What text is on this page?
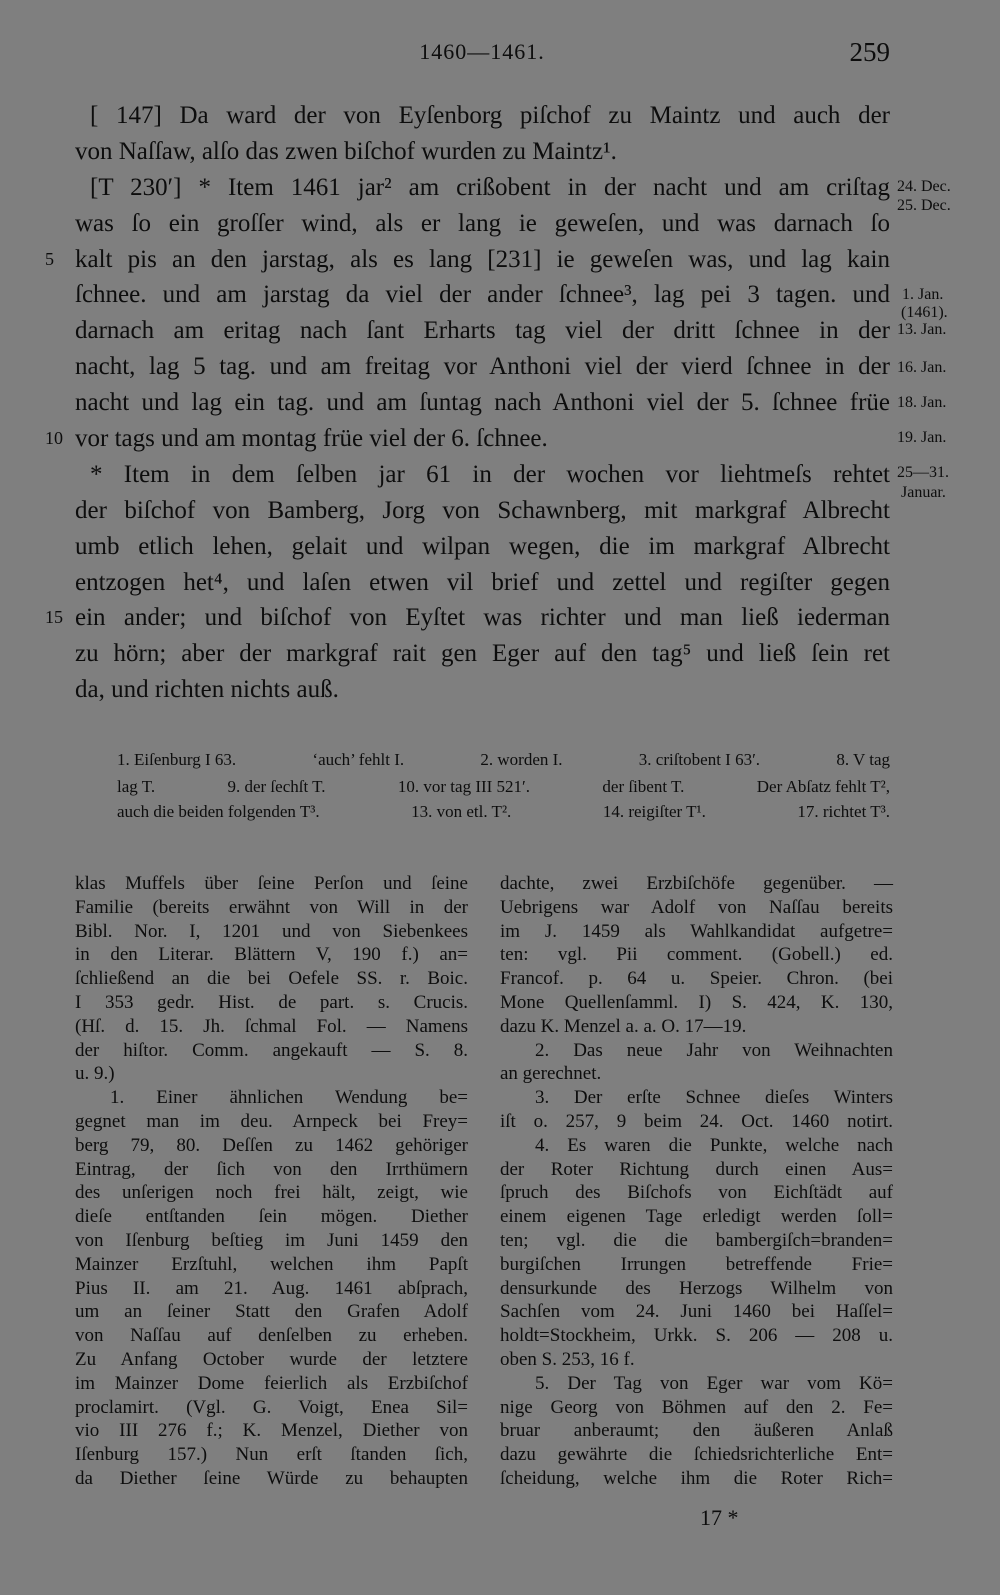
1460—1461.	259
[ 147] Da ward der von Eyſenborg piſchof zu Maintz und auch der
von Naſſaw, alſo das zwen biſchof wurden zu Maintz¹.
[T 230′] * Item 1461 jar² am crißobent in der nacht und am criſtag
was ſo ein groſſer wind, als er lang ie geweſen, und was darnach ſo
5 kalt pis an den jarstag, als es lang [231] ie geweſen was, und lag kain
ſchnee. und am jarstag da viel der ander ſchnee³, lag pei 3 tagen. und
darnach am eritag nach ſant Erharts tag viel der dritt ſchnee in der
nacht, lag 5 tag. und am freitag vor Anthoni viel der vierd ſchnee in der
nacht und lag ein tag. und am ſuntag nach Anthoni viel der 5. ſchnee früe
10 vor tags und am montag früe viel der 6. ſchnee.
* Item in dem ſelben jar 61 in der wochen vor liehtmeſs rehtet
der biſchof von Bamberg, Jorg von Schawnberg, mit markgraf Albrecht
umb etlich lehen, gelait und wilpan wegen, die im markgraf Albrecht
entzogen het⁴, und laſen etwen vil brief und zettel und regiſter gegen
15 ein ander; und biſchof von Eyſtet was richter und man ließ iederman
zu hörn; aber der markgraf rait gen Eger auf den tag⁵ und ließ ſein ret
da, und richten nichts auß.
24. Dec.
25. Dec.
1. Jan.
(1461).
13. Jan.
16. Jan.
18. Jan.
19. Jan.
25—31.
Januar.
1. Eiſenburg I 63.	‘auch’ fehlt I.	2. worden I.	3. criſtobent I 63′.	8. V tag
lag T.	9. der ſechſt T.	10. vor tag III 521′.	der ſibent T.	Der Abſatz fehlt T²,
auch die beiden folgenden T³.	13. von etl. T².	14. reigiſter T¹.	17. richtet T³.
klas Muffels über ſeine Perſon und ſeine
Familie (bereits erwähnt von Will in der
Bibl. Nor. I, 1201 und von Siebenkees
in den Literar. Blättern V, 190 f.) an=
ſchließend an die bei Oefele SS. r. Boic.
I 353 gedr. Hist. de part. s. Crucis.
(Hſ. d. 15. Jh. ſchmal Fol. — Namens
der hiſtor. Comm. angekauft — S. 8.
u. 9.)
1. Einer ähnlichen Wendung be=
gegnet man im deu. Arnpeck bei Frey=
berg 79, 80. Deſſen zu 1462 gehöriger
Eintrag, der ſich von den Irrthümern
des unſerigen noch frei hält, zeigt, wie
dieſe entſtanden ſein mögen. Diether
von Iſenburg beſtieg im Juni 1459 den
Mainzer Erzſtuhl, welchen ihm Papſt
Pius II. am 21. Aug. 1461 abſprach,
um an ſeiner Statt den Grafen Adolf
von Naſſau auf denſelben zu erheben.
Zu Anfang October wurde der letztere
im Mainzer Dome feierlich als Erzbiſchof
proclamirt. (Vgl. G. Voigt, Enea Sil=
vio III 276 f.; K. Menzel, Diether von
Iſenburg 157.) Nun erſt ſtanden ſich,
da Diether ſeine Würde zu behaupten
dachte, zwei Erzbiſchöfe gegenüber. —
Uebrigens war Adolf von Naſſau bereits
im J. 1459 als Wahlkandidat aufgetre=
ten: vgl. Pii comment. (Gobell.) ed.
Francof. p. 64 u. Speier. Chron. (bei
Mone Quellenſamml. I) S. 424, K. 130,
dazu K. Menzel a. a. O. 17—19.
2. Das neue Jahr von Weihnachten
an gerechnet.
3. Der erſte Schnee dieſes Winters
iſt o. 257, 9 beim 24. Oct. 1460 notirt.
4. Es waren die Punkte, welche nach
der Roter Richtung durch einen Aus=
ſpruch des Biſchofs von Eichſtädt auf
einem eigenen Tage erledigt werden ſoll=
ten; vgl. die die bambergiſch=branden=
burgiſchen Irrungen betreffende Frie=
densurkunde des Herzogs Wilhelm von
Sachſen vom 24. Juni 1460 bei Haſſel=
holdt=Stockheim, Urkk. S. 206 — 208 u.
oben S. 253, 16 f.
5. Der Tag von Eger war vom Kö=
nige Georg von Böhmen auf den 2. Fe=
bruar anberaumt; den äußeren Anlaß
dazu gewährte die ſchiedsrichterliche Ent=
ſcheidung, welche ihm die Roter Rich=
17 *
